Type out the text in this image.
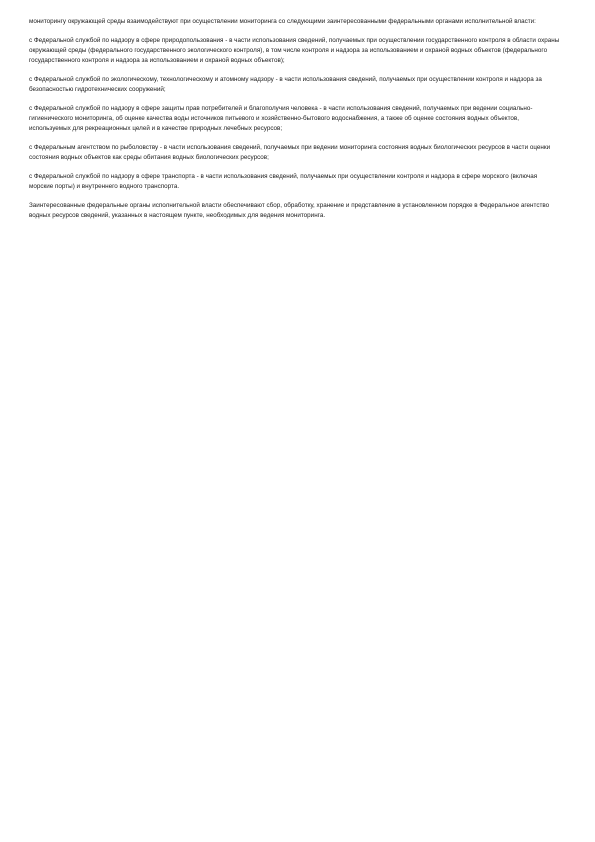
мониторингу окружающей среды взаимодействуют при осуществлении мониторинга со следующими заинтересованными федеральными органами исполнительной власти:

с Федеральной службой по надзору в сфере природопользования - в части использования сведений, получаемых при осуществлении государственного контроля в области охраны окружающей среды (федерального государственного экологического контроля), в том числе контроля и надзора за использованием и охраной водных объектов (федерального государственного контроля и надзора за использованием и охраной водных объектов);

с Федеральной службой по экологическому, технологическому и атомному надзору - в части использования сведений, получаемых при осуществлении контроля и надзора за безопасностью гидротехнических сооружений;

с Федеральной службой по надзору в сфере защиты прав потребителей и благополучия человека - в части использования сведений, получаемых при ведении социально-гигиенического мониторинга, об оценке качества воды источников питьевого и хозяйственно-бытового водоснабжения, а также об оценке состояния водных объектов, используемых для рекреационных целей и в качестве природных лечебных ресурсов;

с Федеральным агентством по рыболовству - в части использования сведений, получаемых при ведении мониторинга состояния водных биологических ресурсов в части оценки состояния водных объектов как среды обитания водных биологических ресурсов;

с Федеральной службой по надзору в сфере транспорта - в части использования сведений, получаемых при осуществлении контроля и надзора в сфере морского (включая морские порты) и внутреннего водного транспорта.

Заинтересованные федеральные органы исполнительной власти обеспечивают сбор, обработку, хранение и представление в установленном порядке в Федеральное агентство водных ресурсов сведений, указанных в настоящем пункте, необходимых для ведения мониторинга.
